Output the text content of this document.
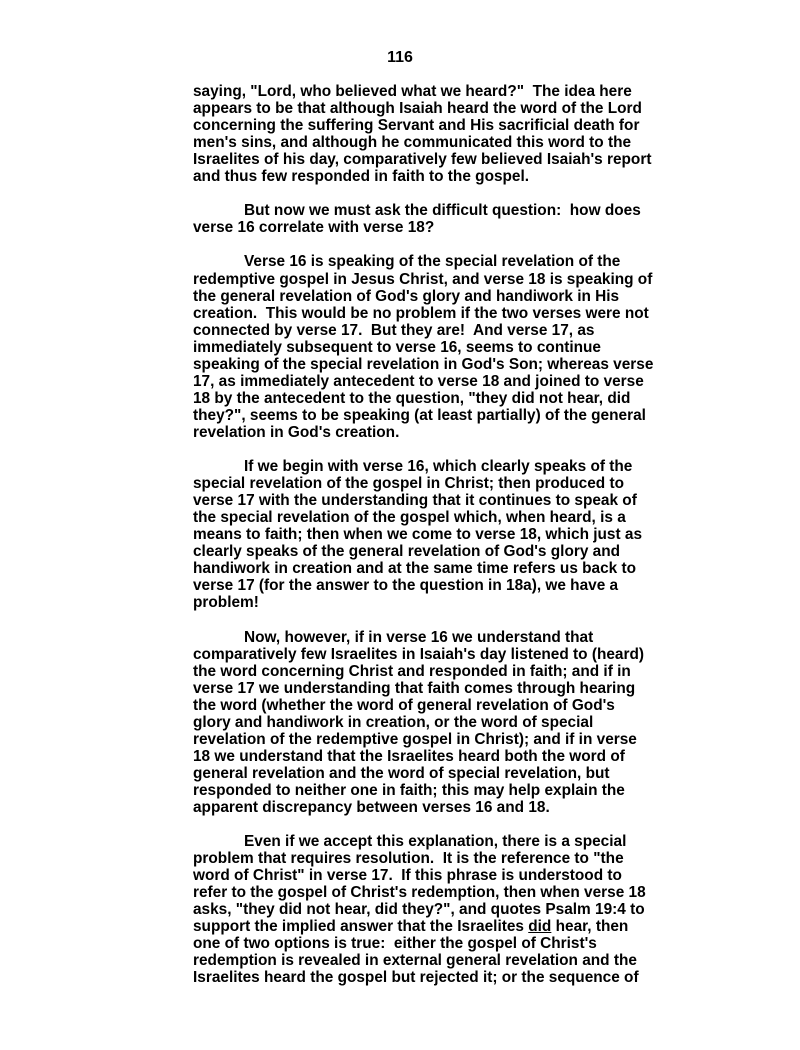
116
saying, "Lord, who believed what we heard?"  The idea here
appears to be that although Isaiah heard the word of the Lord
concerning the suffering Servant and His sacrificial death for
men's sins, and although he communicated this word to the
Israelites of his day, comparatively few believed Isaiah's report
and thus few responded in faith to the gospel.
But now we must ask the difficult question:  how does
verse 16 correlate with verse 18?
Verse 16 is speaking of the special revelation of the
redemptive gospel in Jesus Christ, and verse 18 is speaking of
the general revelation of God's glory and handiwork in His
creation.  This would be no problem if the two verses were not
connected by verse 17.  But they are!  And verse 17, as
immediately subsequent to verse 16, seems to continue
speaking of the special revelation in God's Son; whereas verse
17, as immediately antecedent to verse 18 and joined to verse
18 by the antecedent to the question, "they did not hear, did
they?", seems to be speaking (at least partially) of the general
revelation in God's creation.
If we begin with verse 16, which clearly speaks of the
special revelation of the gospel in Christ; then produced to
verse 17 with the understanding that it continues to speak of
the special revelation of the gospel which, when heard, is a
means to faith; then when we come to verse 18, which just as
clearly speaks of the general revelation of God's glory and
handiwork in creation and at the same time refers us back to
verse 17 (for the answer to the question in 18a), we have a
problem!
Now, however, if in verse 16 we understand that
comparatively few Israelites in Isaiah's day listened to (heard)
the word concerning Christ and responded in faith; and if in
verse 17 we understanding that faith comes through hearing
the word (whether the word of general revelation of God's
glory and handiwork in creation, or the word of special
revelation of the redemptive gospel in Christ); and if in verse
18 we understand that the Israelites heard both the word of
general revelation and the word of special revelation, but
responded to neither one in faith; this may help explain the
apparent discrepancy between verses 16 and 18.
Even if we accept this explanation, there is a special
problem that requires resolution.  It is the reference to "the
word of Christ" in verse 17.  If this phrase is understood to
refer to the gospel of Christ's redemption, then when verse 18
asks, "they did not hear, did they?", and quotes Psalm 19:4 to
support the implied answer that the Israelites did hear, then
one of two options is true:  either the gospel of Christ's
redemption is revealed in external general revelation and the
Israelites heard the gospel but rejected it; or the sequence of
